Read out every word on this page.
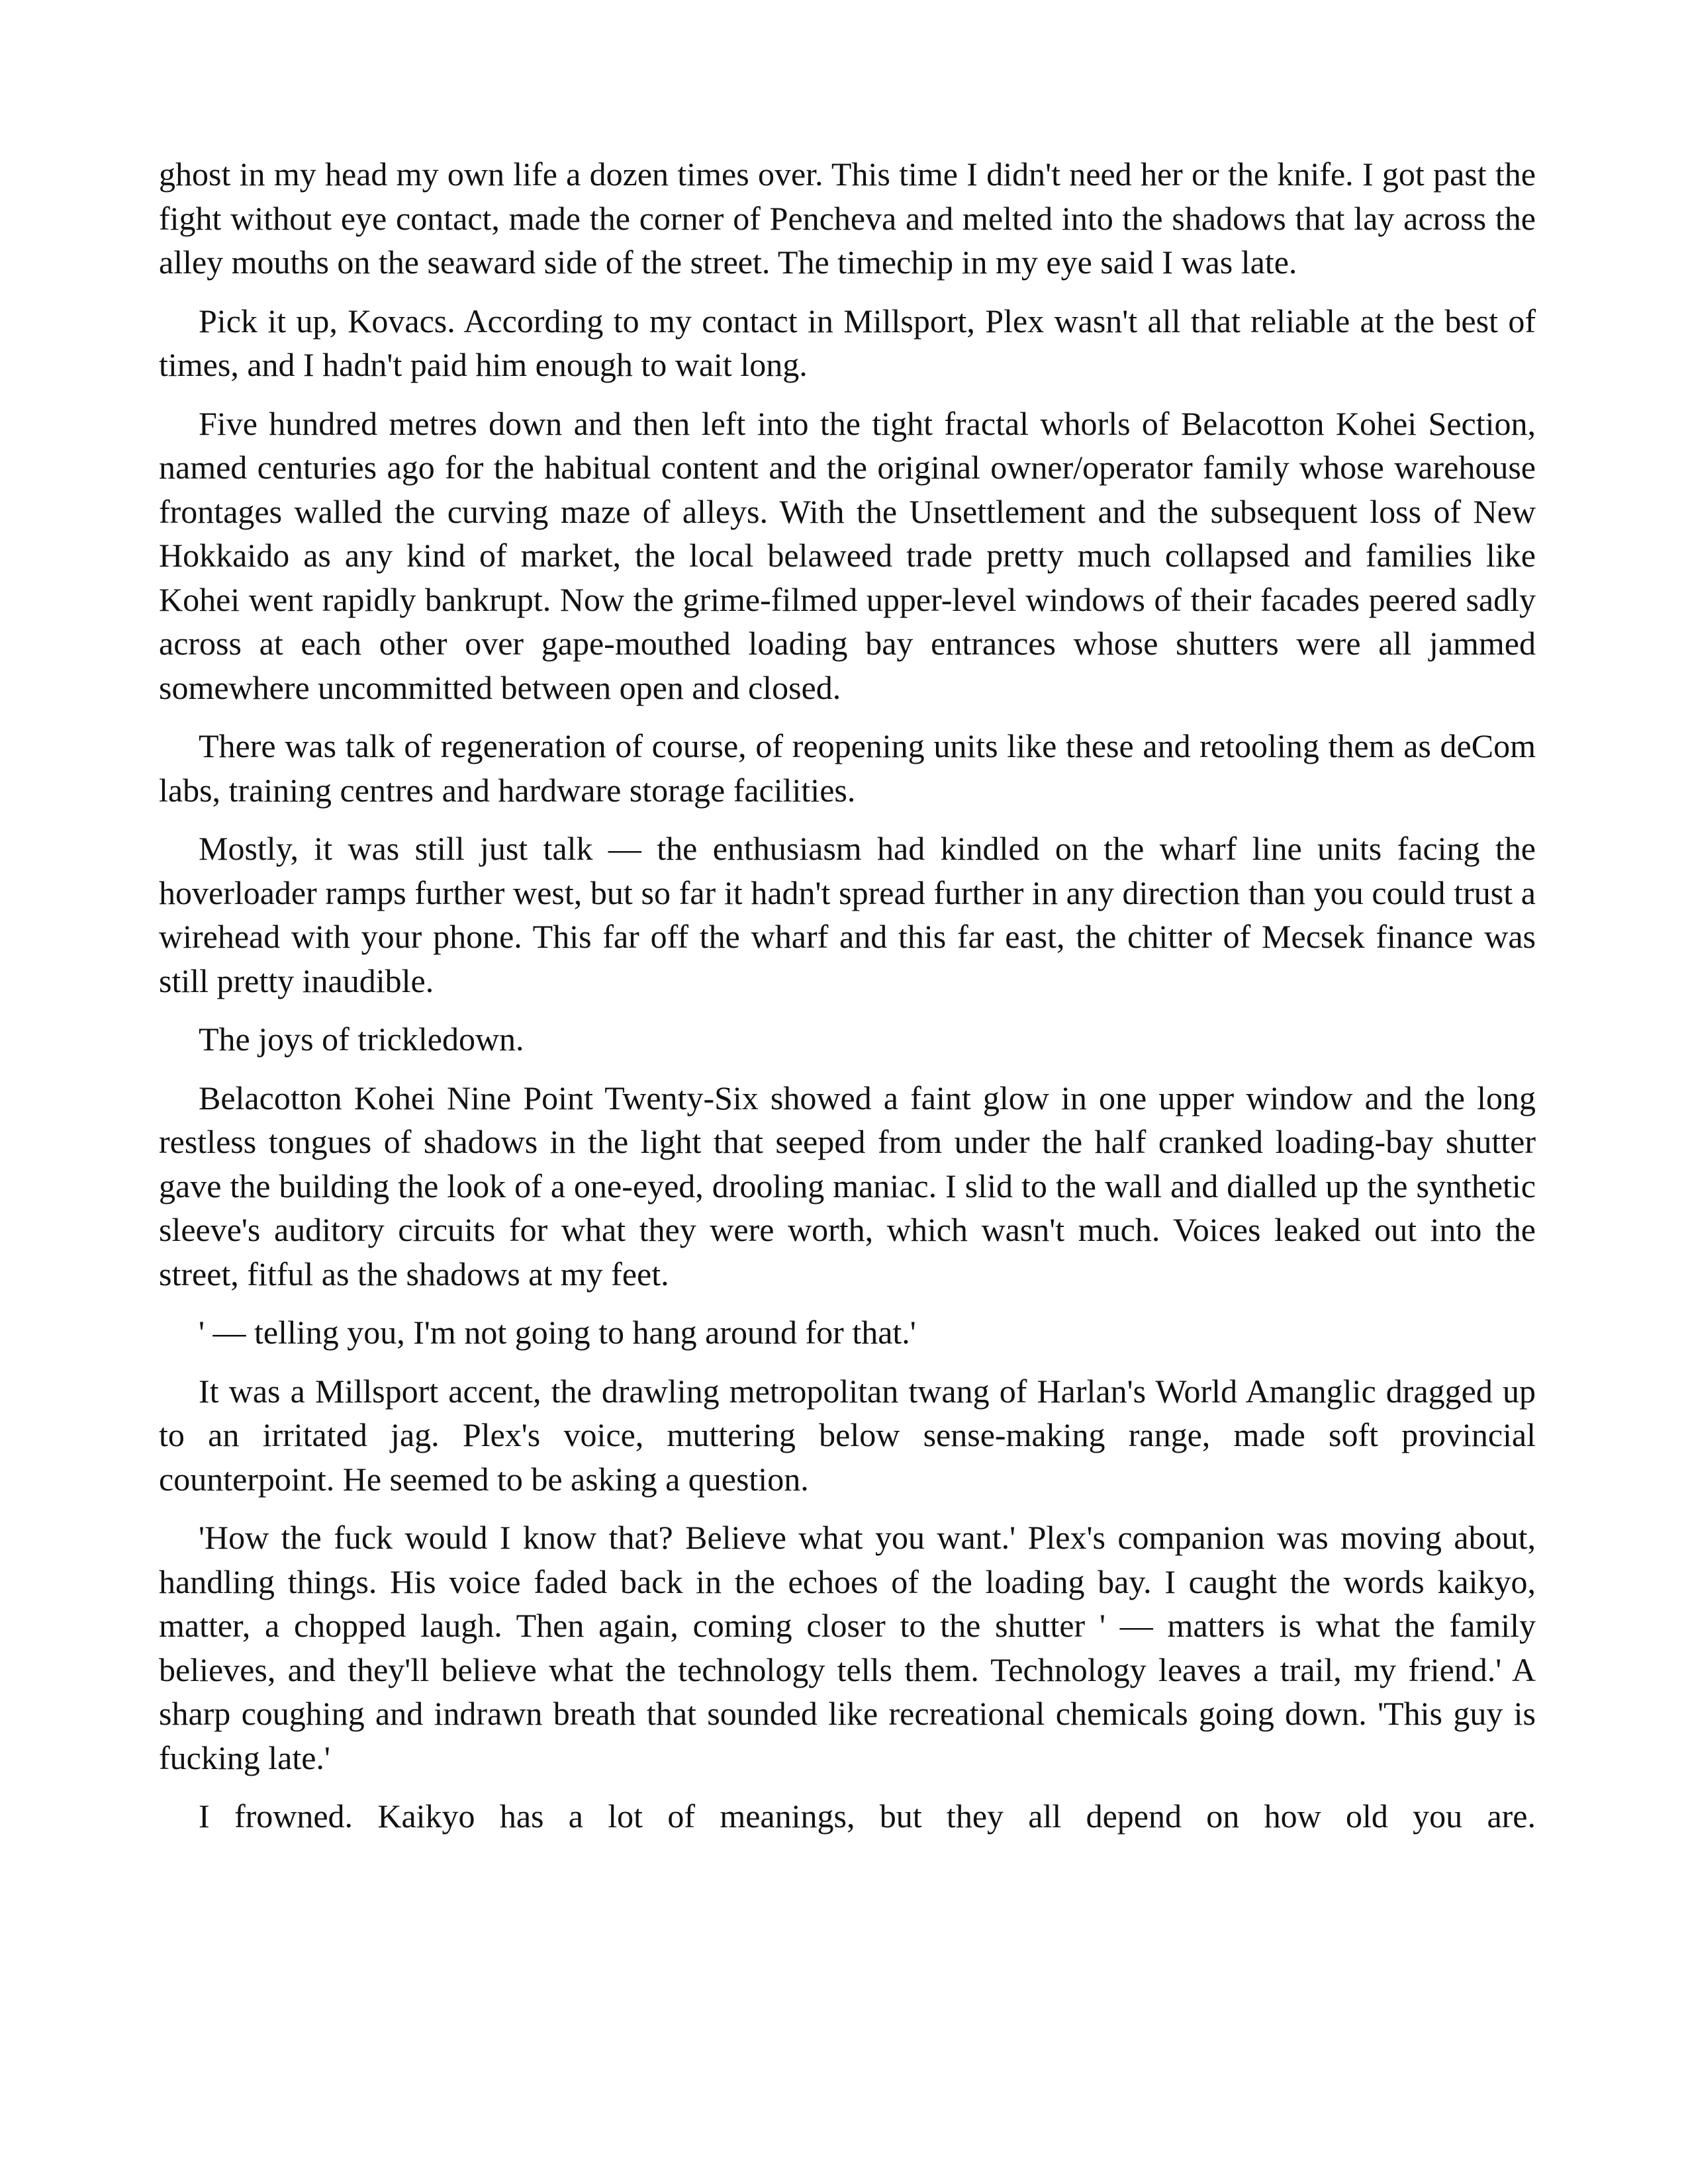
ghost in my head my own life a dozen times over. This time I didn't need her or the knife. I got past the fight without eye contact, made the corner of Pencheva and melted into the shadows that lay across the alley mouths on the seaward side of the street. The timechip in my eye said I was late.

Pick it up, Kovacs. According to my contact in Millsport, Plex wasn't all that reliable at the best of times, and I hadn't paid him enough to wait long.

Five hundred metres down and then left into the tight fractal whorls of Belacotton Kohei Section, named centuries ago for the habitual content and the original owner/operator family whose warehouse frontages walled the curving maze of alleys. With the Unsettlement and the subsequent loss of New Hokkaido as any kind of market, the local belaweed trade pretty much collapsed and families like Kohei went rapidly bankrupt. Now the grime-filmed upper-level windows of their facades peered sadly across at each other over gape-mouthed loading bay entrances whose shutters were all jammed somewhere uncommitted between open and closed.

There was talk of regeneration of course, of reopening units like these and retooling them as deCom labs, training centres and hardware storage facilities.

Mostly, it was still just talk — the enthusiasm had kindled on the wharf line units facing the hoverloader ramps further west, but so far it hadn't spread further in any direction than you could trust a wirehead with your phone. This far off the wharf and this far east, the chitter of Mecsek finance was still pretty inaudible.

The joys of trickledown.

Belacotton Kohei Nine Point Twenty-Six showed a faint glow in one upper window and the long restless tongues of shadows in the light that seeped from under the half cranked loading-bay shutter gave the building the look of a one-eyed, drooling maniac. I slid to the wall and dialled up the synthetic sleeve's auditory circuits for what they were worth, which wasn't much. Voices leaked out into the street, fitful as the shadows at my feet.

' — telling you, I'm not going to hang around for that.'

It was a Millsport accent, the drawling metropolitan twang of Harlan's World Amanglic dragged up to an irritated jag. Plex's voice, muttering below sense-making range, made soft provincial counterpoint. He seemed to be asking a question.

'How the fuck would I know that? Believe what you want.' Plex's companion was moving about, handling things. His voice faded back in the echoes of the loading bay. I caught the words kaikyo, matter, a chopped laugh. Then again, coming closer to the shutter ' — matters is what the family believes, and they'll believe what the technology tells them. Technology leaves a trail, my friend.' A sharp coughing and indrawn breath that sounded like recreational chemicals going down. 'This guy is fucking late.'

I frowned. Kaikyo has a lot of meanings, but they all depend on how old you are.
